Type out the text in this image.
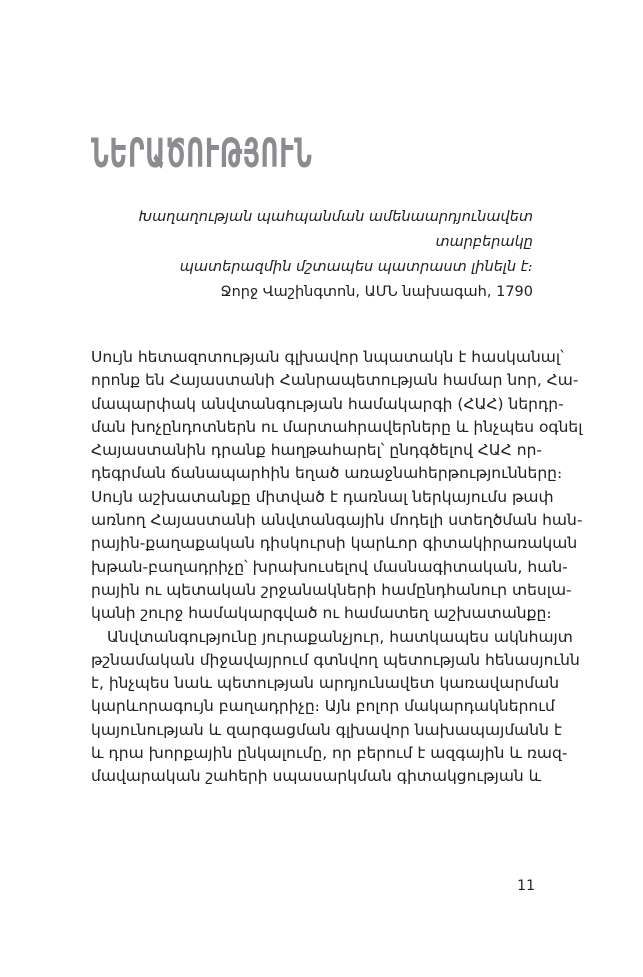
ՆԵՐԱԾՈՒԹՅՈՒՆ
Խաղաղության պահպանման ամենաարդյունավետ տարբերակը
պատերազմին մշտապես պատրաստ լինելն է։
Ջորջ Վաշինգտոն, ԱՄՆ նախագահ, 1790
Սույն հետազոտության գլխավոր նպատակն է հասկանալ՝
որոնք են Հայաստանի Հանրապետության համար նոր, Հա-
մապարփակ անվտանգության համակարգի (ՀԱՀ) ներդր-
ման խոչընդոտներն ու մարտահրավերները և ինչպես օգնել
Հայաստանին դրանք հաղթահարել՝ ընդգծելով ՀԱՀ որ-
դեգրման ճանապարհին եղած առաջնահերթությունները։
Սույն աշխատանքը միտված է դառնալ ներկայումս թափ
առնող Հայաստանի անվտանգային մոդելի ստեղծման հան-
րային-քաղաքական դիսկուրսի կարևոր գիտակիրառական
խթան-բաղադրիչը՝ խրախուսելով մասնագիտական, հան-
րային ու պետական շրջանակների համընդհանուր տեսլա-
կանի շուրջ համակարգված ու համատեղ աշխատանքը։
Անվտանգությունը յուրաքանչյուր, հատկապես ակնհայտ
թշնամական միջավայրում գտնվող պետության հենասյունն
է, ինչպես նաև պետության արդյունավետ կառավարման
կարևորագույն բաղադրիչը։ Այն բոլոր մակարդակներում
կայունության և զարգացման գլխավոր նախապայմանն է
և դրա խորքային ընկալումը, որ բերում է ազգային և ռազ-
մավարական շահերի սպասարկման գիտակցության և
11
